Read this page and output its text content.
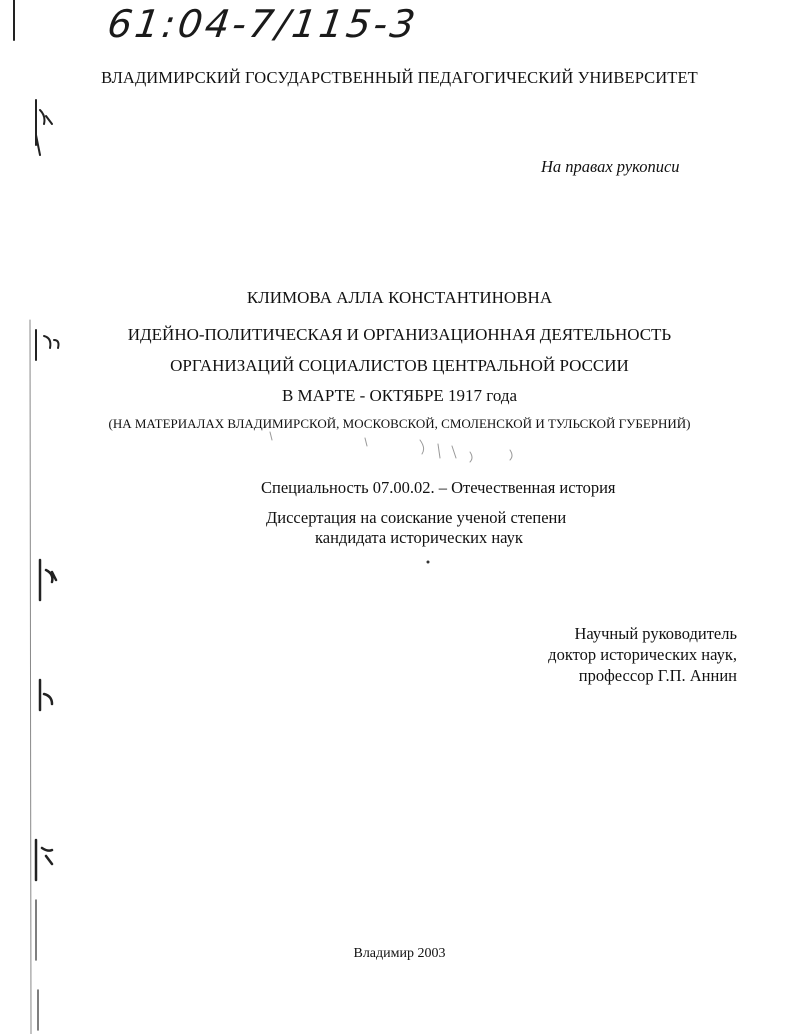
61:04-7/115-3
ВЛАДИМИРСКИЙ ГОСУДАРСТВЕННЫЙ ПЕДАГОГИЧЕСКИЙ УНИВЕРСИТЕТ
На правах рукописи
КЛИМОВА АЛЛА КОНСТАНТИНОВНА
ИДЕЙНО-ПОЛИТИЧЕСКАЯ И ОРГАНИЗАЦИОННАЯ ДЕЯТЕЛЬНОСТЬ
ОРГАНИЗАЦИЙ СОЦИАЛИСТОВ ЦЕНТРАЛЬНОЙ РОССИИ
В МАРТЕ - ОКТЯБРЕ 1917 года
(НА МАТЕРИАЛАХ ВЛАДИМИРСКОЙ, МОСКОВСКОЙ, СМОЛЕНСКОЙ И ТУЛЬСКОЙ ГУБЕРНИЙ)
Специальность 07.00.02. – Отечественная история
Диссертация на соискание ученой степени
кандидата исторических наук
Научный руководитель
доктор исторических наук,
профессор Г.П. Аннин
Владимир 2003
